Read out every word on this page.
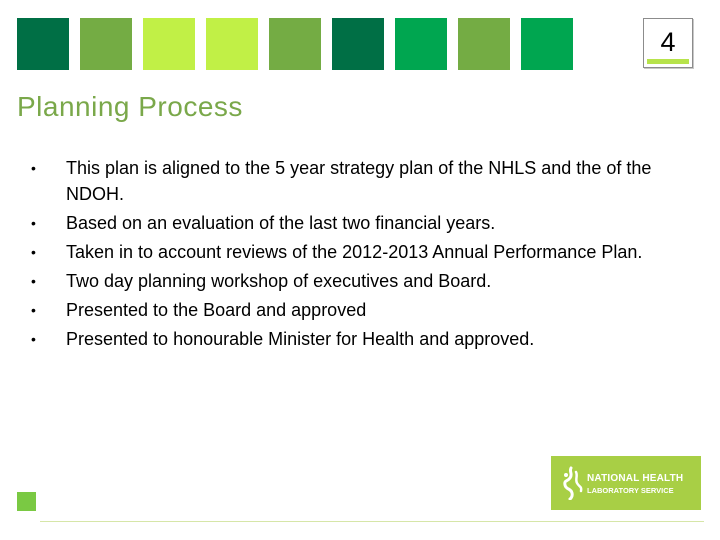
4
Planning Process
• This plan is aligned to the 5 year strategy plan of the NHLS and the of the NDOH.
• Based on an evaluation of the last two financial years.
• Taken in to account reviews of the 2012-2013 Annual Performance Plan.
• Two day planning workshop of executives and Board.
• Presented to the Board and approved
• Presented to honourable Minister for Health and approved.
NATIONAL HEALTH
LABORATORY SERVICE
